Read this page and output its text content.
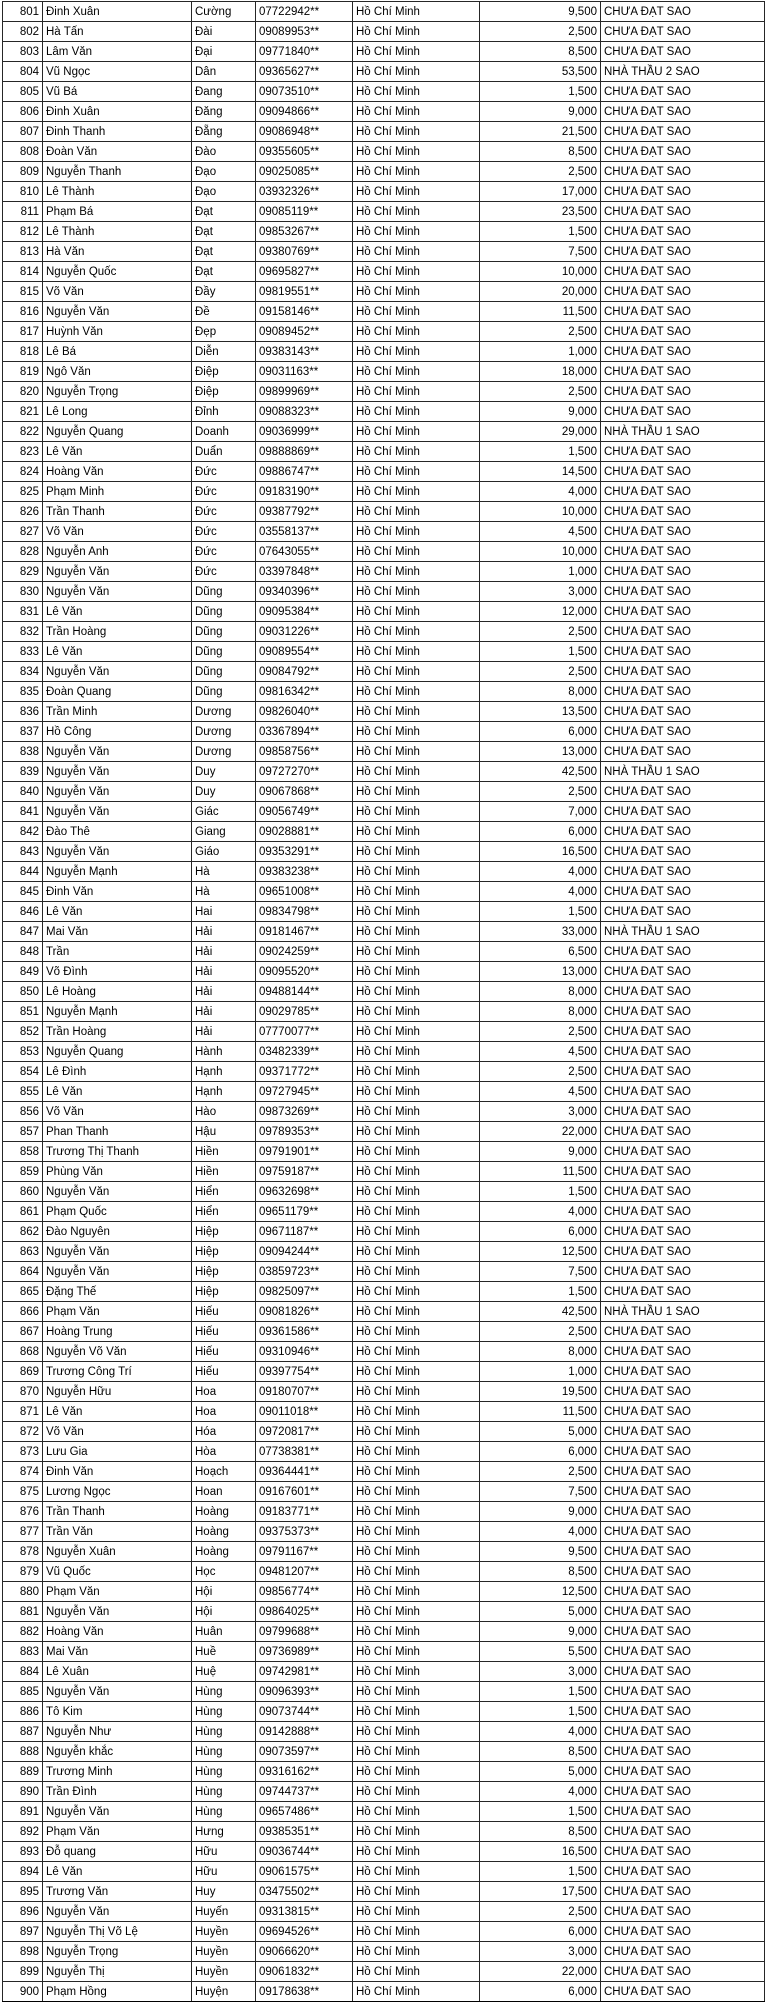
801	Đinh Xuân	Cường	07722942**	Hồ Chí Minh	9,500	CHƯA ĐẠT SAO
802	Hà Tấn	Đài	09089953**	Hồ Chí Minh	2,500	CHƯA ĐẠT SAO
803	Lâm Văn	Đại	09771840**	Hồ Chí Minh	8,500	CHƯA ĐẠT SAO
804	Vũ Ngọc	Dân	09365627**	Hồ Chí Minh	53,500	NHÀ THẦU 2 SAO
805	Vũ Bá	Đang	09073510**	Hồ Chí Minh	1,500	CHƯA ĐẠT SAO
806	Đinh Xuân	Đăng	09094866**	Hồ Chí Minh	9,000	CHƯA ĐẠT SAO
807	Đinh Thanh	Đẵng	09086948**	Hồ Chí Minh	21,500	CHƯA ĐẠT SAO
808	Đoàn Văn	Đào	09355605**	Hồ Chí Minh	8,500	CHƯA ĐẠT SAO
809	Nguyễn Thanh	Đạo	09025085**	Hồ Chí Minh	2,500	CHƯA ĐẠT SAO
810	Lê Thành	Đạo	03932326**	Hồ Chí Minh	17,000	CHƯA ĐẠT SAO
811	Phạm Bá	Đạt	09085119**	Hồ Chí Minh	23,500	CHƯA ĐẠT SAO
812	Lê Thành	Đạt	09853267**	Hồ Chí Minh	1,500	CHƯA ĐẠT SAO
813	Hà Văn	Đạt	09380769**	Hồ Chí Minh	7,500	CHƯA ĐẠT SAO
814	Nguyễn Quốc	Đạt	09695827**	Hồ Chí Minh	10,000	CHƯA ĐẠT SAO
815	Võ Văn	Đầy	09819551**	Hồ Chí Minh	20,000	CHƯA ĐẠT SAO
816	Nguyễn Văn	Đề	09158146**	Hồ Chí Minh	11,500	CHƯA ĐẠT SAO
817	Huỳnh Văn	Đẹp	09089452**	Hồ Chí Minh	2,500	CHƯA ĐẠT SAO
818	Lê Bá	Diễn	09383143**	Hồ Chí Minh	1,000	CHƯA ĐẠT SAO
819	Ngô Văn	Điệp	09031163**	Hồ Chí Minh	18,000	CHƯA ĐẠT SAO
820	Nguyễn Trọng	Điệp	09899969**	Hồ Chí Minh	2,500	CHƯA ĐẠT SAO
821	Lê Long	Đỉnh	09088323**	Hồ Chí Minh	9,000	CHƯA ĐẠT SAO
822	Nguyễn Quang	Doanh	09036999**	Hồ Chí Minh	29,000	NHÀ THẦU 1 SAO
823	Lê Văn	Duẩn	09888869**	Hồ Chí Minh	1,500	CHƯA ĐẠT SAO
824	Hoàng Văn	Đức	09886747**	Hồ Chí Minh	14,500	CHƯA ĐẠT SAO
825	Phạm Minh	Đức	09183190**	Hồ Chí Minh	4,000	CHƯA ĐẠT SAO
826	Trần Thanh	Đức	09387792**	Hồ Chí Minh	10,000	CHƯA ĐẠT SAO
827	Võ Văn	Đức	03558137**	Hồ Chí Minh	4,500	CHƯA ĐẠT SAO
828	Nguyễn Anh	Đức	07643055**	Hồ Chí Minh	10,000	CHƯA ĐẠT SAO
829	Nguyễn Văn	Đức	03397848**	Hồ Chí Minh	1,000	CHƯA ĐẠT SAO
830	Nguyễn Văn	Dũng	09340396**	Hồ Chí Minh	3,000	CHƯA ĐẠT SAO
831	Lê Văn	Dũng	09095384**	Hồ Chí Minh	12,000	CHƯA ĐẠT SAO
832	Trần Hoàng	Dũng	09031226**	Hồ Chí Minh	2,500	CHƯA ĐẠT SAO
833	Lê Văn	Dũng	09089554**	Hồ Chí Minh	1,500	CHƯA ĐẠT SAO
834	Nguyễn Văn	Dũng	09084792**	Hồ Chí Minh	2,500	CHƯA ĐẠT SAO
835	Đoàn Quang	Dũng	09816342**	Hồ Chí Minh	8,000	CHƯA ĐẠT SAO
836	Trần Minh	Dương	09826040**	Hồ Chí Minh	13,500	CHƯA ĐẠT SAO
837	Hồ Công	Dương	03367894**	Hồ Chí Minh	6,000	CHƯA ĐẠT SAO
838	Nguyễn Văn	Dương	09858756**	Hồ Chí Minh	13,000	CHƯA ĐẠT SAO
839	Nguyễn Văn	Duy	09727270**	Hồ Chí Minh	42,500	NHÀ THẦU 1 SAO
840	Nguyễn Văn	Duy	09067868**	Hồ Chí Minh	2,500	CHƯA ĐẠT SAO
841	Nguyễn Văn	Giác	09056749**	Hồ Chí Minh	7,000	CHƯA ĐẠT SAO
842	Đào Thê	Giang	09028881**	Hồ Chí Minh	6,000	CHƯA ĐẠT SAO
843	Nguyễn Văn	Giáo	09353291**	Hồ Chí Minh	16,500	CHƯA ĐẠT SAO
844	Nguyễn Mạnh	Hà	09383238**	Hồ Chí Minh	4,000	CHƯA ĐẠT SAO
845	Đinh Văn	Hà	09651008**	Hồ Chí Minh	4,000	CHƯA ĐẠT SAO
846	Lê Văn	Hai	09834798**	Hồ Chí Minh	1,500	CHƯA ĐẠT SAO
847	Mai Văn	Hải	09181467**	Hồ Chí Minh	33,000	NHÀ THẦU 1 SAO
848	Trần	Hải	09024259**	Hồ Chí Minh	6,500	CHƯA ĐẠT SAO
849	Võ Đình	Hải	09095520**	Hồ Chí Minh	13,000	CHƯA ĐẠT SAO
850	Lê Hoàng	Hải	09488144**	Hồ Chí Minh	8,000	CHƯA ĐẠT SAO
851	Nguyễn Mạnh	Hải	09029785**	Hồ Chí Minh	8,000	CHƯA ĐẠT SAO
852	Trần Hoàng	Hải	07770077**	Hồ Chí Minh	2,500	CHƯA ĐẠT SAO
853	Nguyễn Quang	Hành	03482339**	Hồ Chí Minh	4,500	CHƯA ĐẠT SAO
854	Lê Đình	Hạnh	09371772**	Hồ Chí Minh	2,500	CHƯA ĐẠT SAO
855	Lê Văn	Hạnh	09727945**	Hồ Chí Minh	4,500	CHƯA ĐẠT SAO
856	Võ Văn	Hào	09873269**	Hồ Chí Minh	3,000	CHƯA ĐẠT SAO
857	Phan Thanh	Hậu	09789353**	Hồ Chí Minh	22,000	CHƯA ĐẠT SAO
858	Trương Thị Thanh	Hiền	09791901**	Hồ Chí Minh	9,000	CHƯA ĐẠT SAO
859	Phùng Văn	Hiền	09759187**	Hồ Chí Minh	11,500	CHƯA ĐẠT SAO
860	Nguyễn Văn	Hiển	09632698**	Hồ Chí Minh	1,500	CHƯA ĐẠT SAO
861	Phạm Quốc	Hiển	09651179**	Hồ Chí Minh	4,000	CHƯA ĐẠT SAO
862	Đào Nguyên	Hiệp	09671187**	Hồ Chí Minh	6,000	CHƯA ĐẠT SAO
863	Nguyễn Văn	Hiệp	09094244**	Hồ Chí Minh	12,500	CHƯA ĐẠT SAO
864	Nguyễn Văn	Hiệp	03859723**	Hồ Chí Minh	7,500	CHƯA ĐẠT SAO
865	Đặng Thế	Hiệp	09825097**	Hồ Chí Minh	1,500	CHƯA ĐẠT SAO
866	Phạm Văn	Hiếu	09081826**	Hồ Chí Minh	42,500	NHÀ THẦU 1 SAO
867	Hoàng Trung	Hiếu	09361586**	Hồ Chí Minh	2,500	CHƯA ĐẠT SAO
868	Nguyễn Võ Văn	Hiếu	09310946**	Hồ Chí Minh	8,000	CHƯA ĐẠT SAO
869	Trương Công Trí	Hiếu	09397754**	Hồ Chí Minh	1,000	CHƯA ĐẠT SAO
870	Nguyễn Hữu	Hoa	09180707**	Hồ Chí Minh	19,500	CHƯA ĐẠT SAO
871	Lê Văn	Hoa	09011018**	Hồ Chí Minh	11,500	CHƯA ĐẠT SAO
872	Võ Văn	Hóa	09720817**	Hồ Chí Minh	5,000	CHƯA ĐẠT SAO
873	Lưu Gia	Hòa	07738381**	Hồ Chí Minh	6,000	CHƯA ĐẠT SAO
874	Đinh Văn	Hoạch	09364441**	Hồ Chí Minh	2,500	CHƯA ĐẠT SAO
875	Lương Ngọc	Hoan	09167601**	Hồ Chí Minh	7,500	CHƯA ĐẠT SAO
876	Trần Thanh	Hoàng	09183771**	Hồ Chí Minh	9,000	CHƯA ĐẠT SAO
877	Trần Văn	Hoàng	09375373**	Hồ Chí Minh	4,000	CHƯA ĐẠT SAO
878	Nguyễn Xuân	Hoàng	09791167**	Hồ Chí Minh	9,500	CHƯA ĐẠT SAO
879	Vũ Quốc	Học	09481207**	Hồ Chí Minh	8,500	CHƯA ĐẠT SAO
880	Phạm Văn	Hội	09856774**	Hồ Chí Minh	12,500	CHƯA ĐẠT SAO
881	Nguyễn Văn	Hội	09864025**	Hồ Chí Minh	5,000	CHƯA ĐẠT SAO
882	Hoàng Văn	Huân	09799688**	Hồ Chí Minh	9,000	CHƯA ĐẠT SAO
883	Mai Văn	Huề	09736989**	Hồ Chí Minh	5,500	CHƯA ĐẠT SAO
884	Lê Xuân	Huệ	09742981**	Hồ Chí Minh	3,000	CHƯA ĐẠT SAO
885	Nguyễn Văn	Hùng	09096393**	Hồ Chí Minh	1,500	CHƯA ĐẠT SAO
886	Tô Kim	Hùng	09073744**	Hồ Chí Minh	1,500	CHƯA ĐẠT SAO
887	Nguyễn Như	Hùng	09142888**	Hồ Chí Minh	4,000	CHƯA ĐẠT SAO
888	Nguyễn khắc	Hùng	09073597**	Hồ Chí Minh	8,500	CHƯA ĐẠT SAO
889	Trương Minh	Hùng	09316162**	Hồ Chí Minh	5,000	CHƯA ĐẠT SAO
890	Trần Đình	Hùng	09744737**	Hồ Chí Minh	4,000	CHƯA ĐẠT SAO
891	Nguyễn Văn	Hùng	09657486**	Hồ Chí Minh	1,500	CHƯA ĐẠT SAO
892	Phạm Văn	Hưng	09385351**	Hồ Chí Minh	8,500	CHƯA ĐẠT SAO
893	Đỗ quang	Hữu	09036744**	Hồ Chí Minh	16,500	CHƯA ĐẠT SAO
894	Lê Văn	Hữu	09061575**	Hồ Chí Minh	1,500	CHƯA ĐẠT SAO
895	Trương Văn	Huy	03475502**	Hồ Chí Minh	17,500	CHƯA ĐẠT SAO
896	Nguyễn Văn	Huyến	09313815**	Hồ Chí Minh	2,500	CHƯA ĐẠT SAO
897	Nguyễn Thị Võ Lệ	Huyền	09694526**	Hồ Chí Minh	6,000	CHƯA ĐẠT SAO
898	Nguyễn Trọng	Huyền	09066620**	Hồ Chí Minh	3,000	CHƯA ĐẠT SAO
899	Nguyễn Thị	Huyền	09061832**	Hồ Chí Minh	22,000	CHƯA ĐẠT SAO
900	Phạm Hồng	Huyện	09178638**	Hồ Chí Minh	6,000	CHƯA ĐẠT SAO
